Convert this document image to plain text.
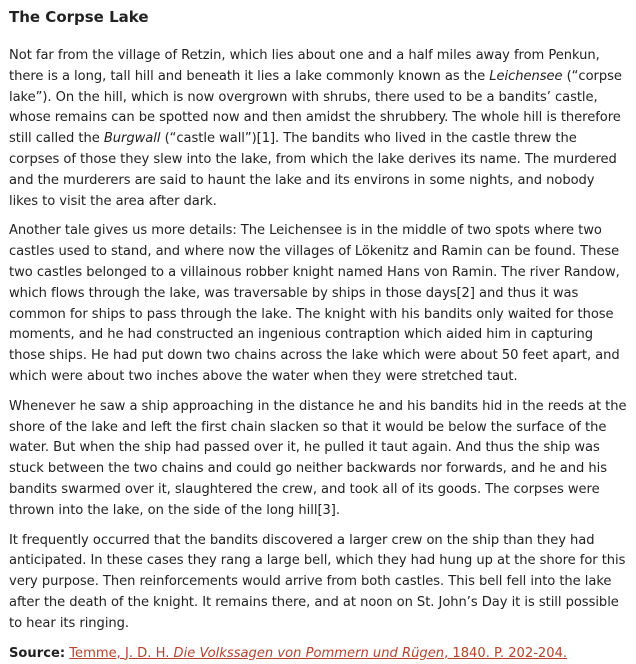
The Corpse Lake

Not far from the village of Retzin, which lies about one and a half miles away from Penkun, there is a long, tall hill and beneath it lies a lake commonly known as the Leichensee (“corpse lake”). On the hill, which is now overgrown with shrubs, there used to be a bandits’ castle, whose remains can be spotted now and then amidst the shrubbery. The whole hill is therefore still called the Burgwall (“castle wall”)[1]. The bandits who lived in the castle threw the corpses of those they slew into the lake, from which the lake derives its name. The murdered and the murderers are said to haunt the lake and its environs in some nights, and nobody likes to visit the area after dark.

Another tale gives us more details: The Leichensee is in the middle of two spots where two castles used to stand, and where now the villages of Lökenitz and Ramin can be found. These two castles belonged to a villainous robber knight named Hans von Ramin. The river Randow, which flows through the lake, was traversable by ships in those days[2] and thus it was common for ships to pass through the lake. The knight with his bandits only waited for those moments, and he had constructed an ingenious contraption which aided him in capturing those ships. He had put down two chains across the lake which were about 50 feet apart, and which were about two inches above the water when they were stretched taut.

Whenever he saw a ship approaching in the distance he and his bandits hid in the reeds at the shore of the lake and left the first chain slacken so that it would be below the surface of the water. But when the ship had passed over it, he pulled it taut again. And thus the ship was stuck between the two chains and could go neither backwards nor forwards, and he and his bandits swarmed over it, slaughtered the crew, and took all of its goods. The corpses were thrown into the lake, on the side of the long hill[3].

It frequently occurred that the bandits discovered a larger crew on the ship than they had anticipated. In these cases they rang a large bell, which they had hung up at the shore for this very purpose. Then reinforcements would arrive from both castles. This bell fell into the lake after the death of the knight. It remains there, and at noon on St. John’s Day it is still possible to hear its ringing.

Source: Temme, J. D. H. Die Volkssagen von Pommern und Rügen, 1840. P. 202-204.
